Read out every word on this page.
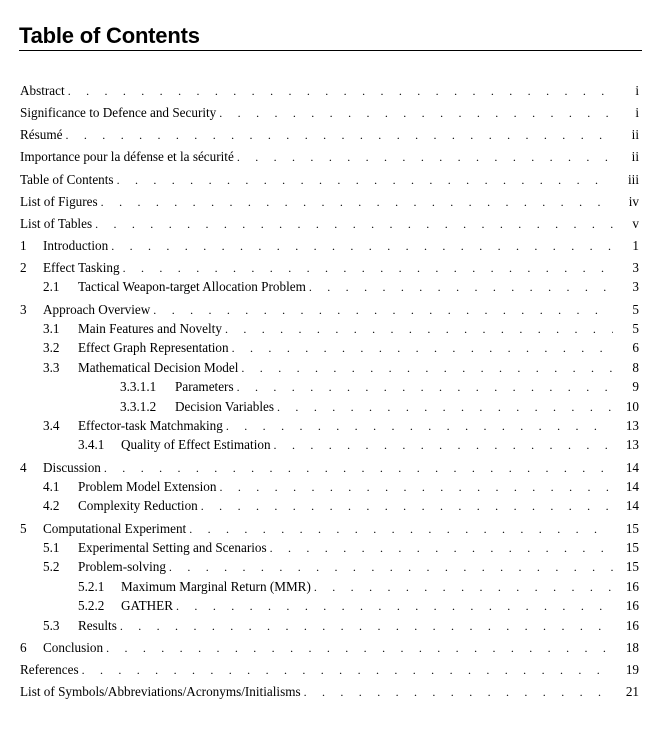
Table of Contents
Abstract . . .	i
Significance to Defence and Security . . .	i
Résumé . . .	ii
Importance pour la défense et la sécurité . . .	ii
Table of Contents . . .	iii
List of Figures . . .	iv
List of Tables . . .	v
1	Introduction . . .	1
2	Effect Tasking . . .	3
2.1	Tactical Weapon-target Allocation Problem . . .	3
3	Approach Overview . . .	5
3.1	Main Features and Novelty . . .	5
3.2	Effect Graph Representation . . .	6
3.3	Mathematical Decision Model . . .	8
3.3.1.1	Parameters . . .	9
3.3.1.2	Decision Variables . . .	10
3.4	Effector-task Matchmaking . . .	13
3.4.1	Quality of Effect Estimation . . .	13
4	Discussion . . .	14
4.1	Problem Model Extension . . .	14
4.2	Complexity Reduction . . .	14
5	Computational Experiment . . .	15
5.1	Experimental Setting and Scenarios . . .	15
5.2	Problem-solving . . .	15
5.2.1	Maximum Marginal Return (MMR) . . .	16
5.2.2	GATHER . . .	16
5.3	Results . . .	16
6	Conclusion . . .	18
References . . .	19
List of Symbols/Abbreviations/Acronyms/Initialisms . . .	21
